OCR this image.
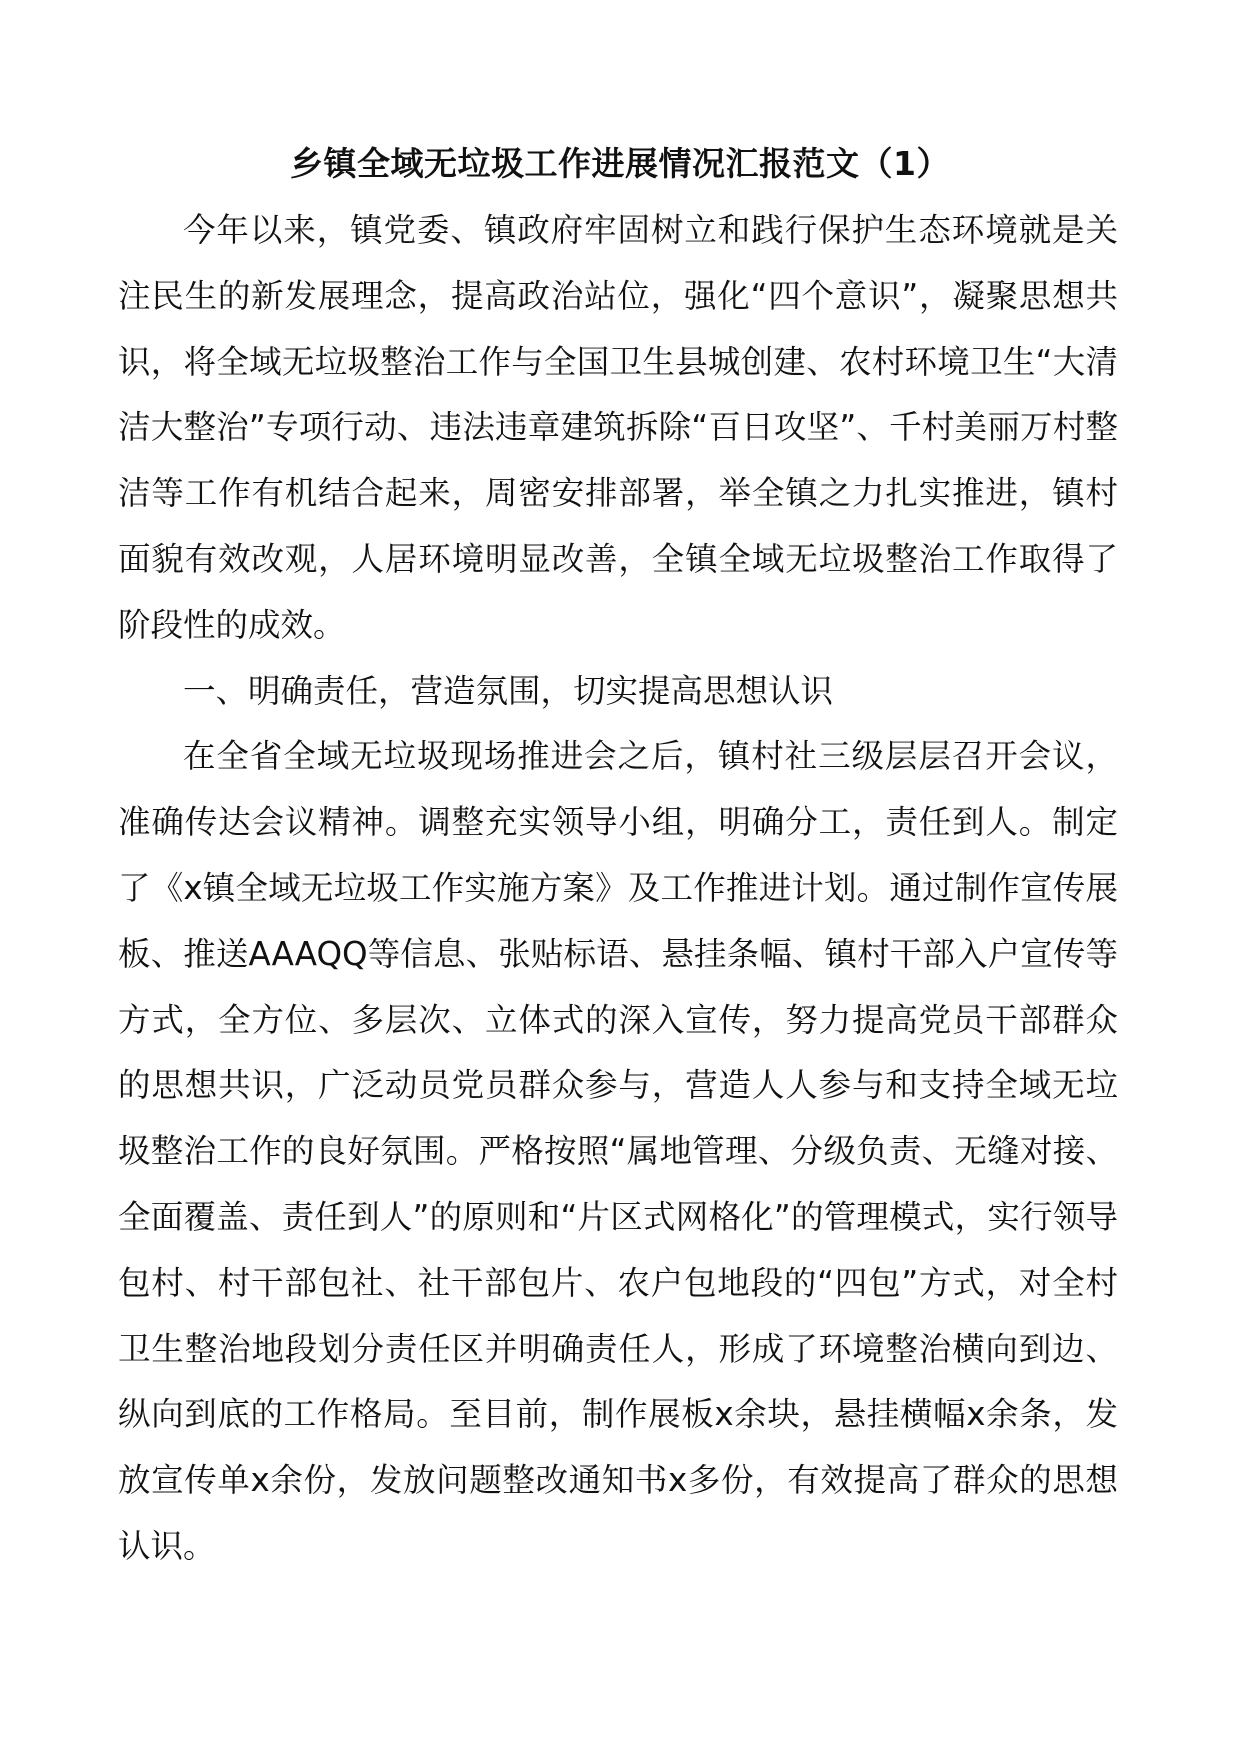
乡镇全域无垃圾工作进展情况汇报范文（1）

今年以来，镇党委、镇政府牢固树立和践行保护生态环境就是关注民生的新发展理念，提高政治站位，强化“四个意识”，凝聚思想共识，将全域无垃圾整治工作与全国卫生县城创建、农村环境卫生“大清洁大整治”专项行动、违法违章建筑拆除“百日攻坚”、千村美丽万村整洁等工作有机结合起来，周密安排部署，举全镇之力扎实推进，镇村面貌有效改观，人居环境明显改善，全镇全域无垃圾整治工作取得了阶段性的成效。

一、明确责任，营造氛围，切实提高思想认识

在全省全域无垃圾现场推进会之后，镇村社三级层层召开会议，准确传达会议精神。调整充实领导小组，明确分工，责任到人。制定了《x镇全域无垃圾工作实施方案》及工作推进计划。通过制作宣传展板、推送AAAQQ等信息、张贴标语、悬挂条幅、镇村干部入户宣传等方式，全方位、多层次、立体式的深入宣传，努力提高党员干部群众的思想共识，广泛动员党员群众参与，营造人人参与和支持全域无垃圾整治工作的良好氛围。严格按照“属地管理、分级负责、无缝对接、全面覆盖、责任到人”的原则和“片区式网格化”的管理模式，实行领导包村、村干部包社、社干部包片、农户包地段的“四包”方式，对全村卫生整治地段划分责任区并明确责任人，形成了环境整治横向到边、纵向到底的工作格局。至目前，制作展板x余块，悬挂横幅x余条，发放宣传单x余份，发放问题整改通知书x多份，有效提高了群众的思想认识。
